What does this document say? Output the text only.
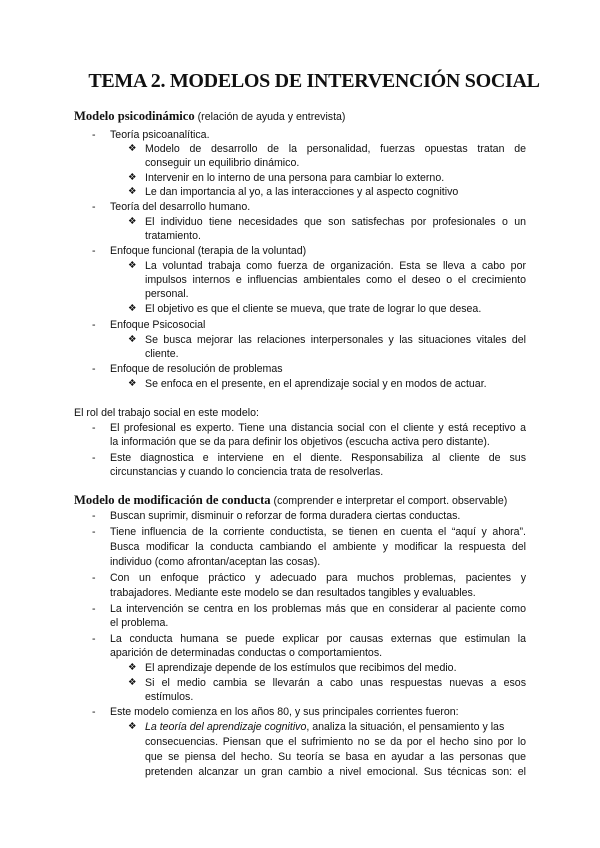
TEMA 2. MODELOS DE INTERVENCIÓN SOCIAL
Modelo psicodinámico (relación de ayuda y entrevista)
- Teoría psicoanalítica.
❖ Modelo de desarrollo de la personalidad, fuerzas opuestas tratan de
conseguir un equilibrio dinámico.
❖ Intervenir en lo interno de una persona para cambiar lo externo.
❖ Le dan importancia al yo, a las interacciones y al aspecto cognitivo
- Teoría del desarrollo humano.
❖ El individuo tiene necesidades que son satisfechas por profesionales o un
tratamiento.
- Enfoque funcional (terapia de la voluntad)
❖ La voluntad trabaja como fuerza de organización. Esta se lleva a cabo por
impulsos internos e influencias ambientales como el deseo o el crecimiento
personal.
❖ El objetivo es que el cliente se mueva, que trate de lograr lo que desea.
- Enfoque Psicosocial
❖ Se busca mejorar las relaciones interpersonales y las situaciones vitales del
cliente.
- Enfoque de resolución de problemas
❖ Se enfoca en el presente, en el aprendizaje social y en modos de actuar.
El rol del trabajo social en este modelo:
- El profesional es experto. Tiene una distancia social con el cliente y está receptivo a
la información que se da para definir los objetivos (escucha activa pero distante).
- Este diagnostica e interviene en el diente. Responsabiliza al cliente de sus
circunstancias y cuando lo conciencia trata de resolverlas.
Modelo de modificación de conducta (comprender e interpretar el comport. observable)
- Buscan suprimir, disminuir o reforzar de forma duradera ciertas conductas.
- Tiene influencia de la corriente conductista, se tienen en cuenta el “aquí y ahora”.
Busca modificar la conducta cambiando el ambiente y modificar la respuesta del
individuo (como afrontan/aceptan las cosas).
- Con un enfoque práctico y adecuado para muchos problemas, pacientes y
trabajadores. Mediante este modelo se dan resultados tangibles y evaluables.
- La intervención se centra en los problemas más que en considerar al paciente como
el problema.
- La conducta humana se puede explicar por causas externas que estimulan la
aparición de determinadas conductas o comportamientos.
❖ El aprendizaje depende de los estímulos que recibimos del medio.
❖ Si el medio cambia se llevarán a cabo unas respuestas nuevas a esos
estímulos.
- Este modelo comienza en los años 80, y sus principales corrientes fueron:
❖ La teoría del aprendizaje cognitivo, analiza la situación, el pensamiento y las
consecuencias. Piensan que el sufrimiento no se da por el hecho sino por lo
que se piensa del hecho. Su teoría se basa en ayudar a las personas que
pretenden alcanzar un gran cambio a nivel emocional. Sus técnicas son: el
